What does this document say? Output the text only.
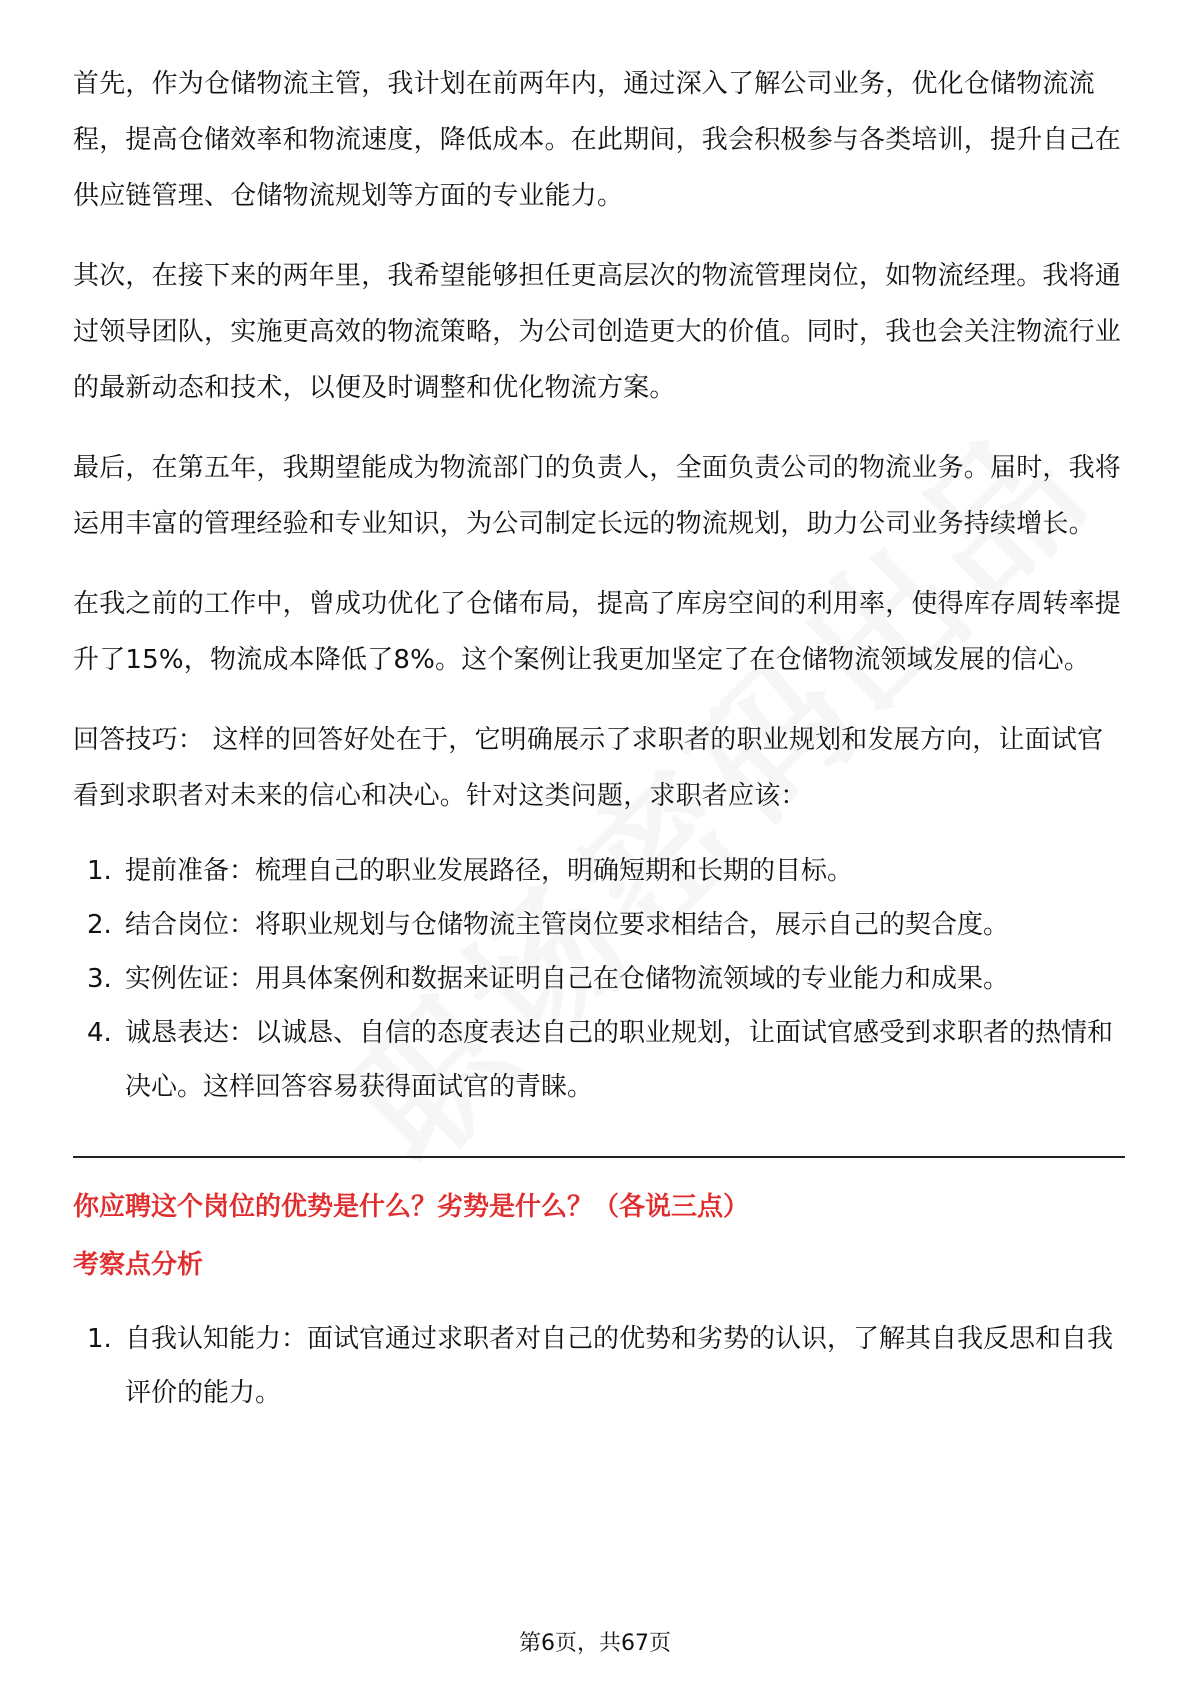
首先，作为仓储物流主管，我计划在前两年内，通过深入了解公司业务，优化仓储物流流程，提高仓储效率和物流速度，降低成本。在此期间，我会积极参与各类培训，提升自己在供应链管理、仓储物流规划等方面的专业能力。

其次，在接下来的两年里，我希望能够担任更高层次的物流管理岗位，如物流经理。我将通过领导团队，实施更高效的物流策略，为公司创造更大的价值。同时，我也会关注物流行业的最新动态和技术，以便及时调整和优化物流方案。

最后，在第五年，我期望能成为物流部门的负责人，全面负责公司的物流业务。届时，我将运用丰富的管理经验和专业知识，为公司制定长远的物流规划，助力公司业务持续增长。

在我之前的工作中，曾成功优化了仓储布局，提高了库房空间的利用率，使得库存周转率提升了15%，物流成本降低了8%。这个案例让我更加坚定了在仓储物流领域发展的信心。

回答技巧： 这样的回答好处在于，它明确展示了求职者的职业规划和发展方向，让面试官看到求职者对未来的信心和决心。针对这类问题，求职者应该：

1. 提前准备：梳理自己的职业发展路径，明确短期和长期的目标。
2. 结合岗位：将职业规划与仓储物流主管岗位要求相结合，展示自己的契合度。
3. 实例佐证：用具体案例和数据来证明自己在仓储物流领域的专业能力和成果。
4. 诚恳表达：以诚恳、自信的态度表达自己的职业规划，让面试官感受到求职者的热情和决心。这样回答容易获得面试官的青睐。

你应聘这个岗位的优势是什么？劣势是什么？（各说三点）

考察点分析

1. 自我认知能力：面试官通过求职者对自己的优势和劣势的认识，了解其自我反思和自我评价的能力。
第6页，共67页
